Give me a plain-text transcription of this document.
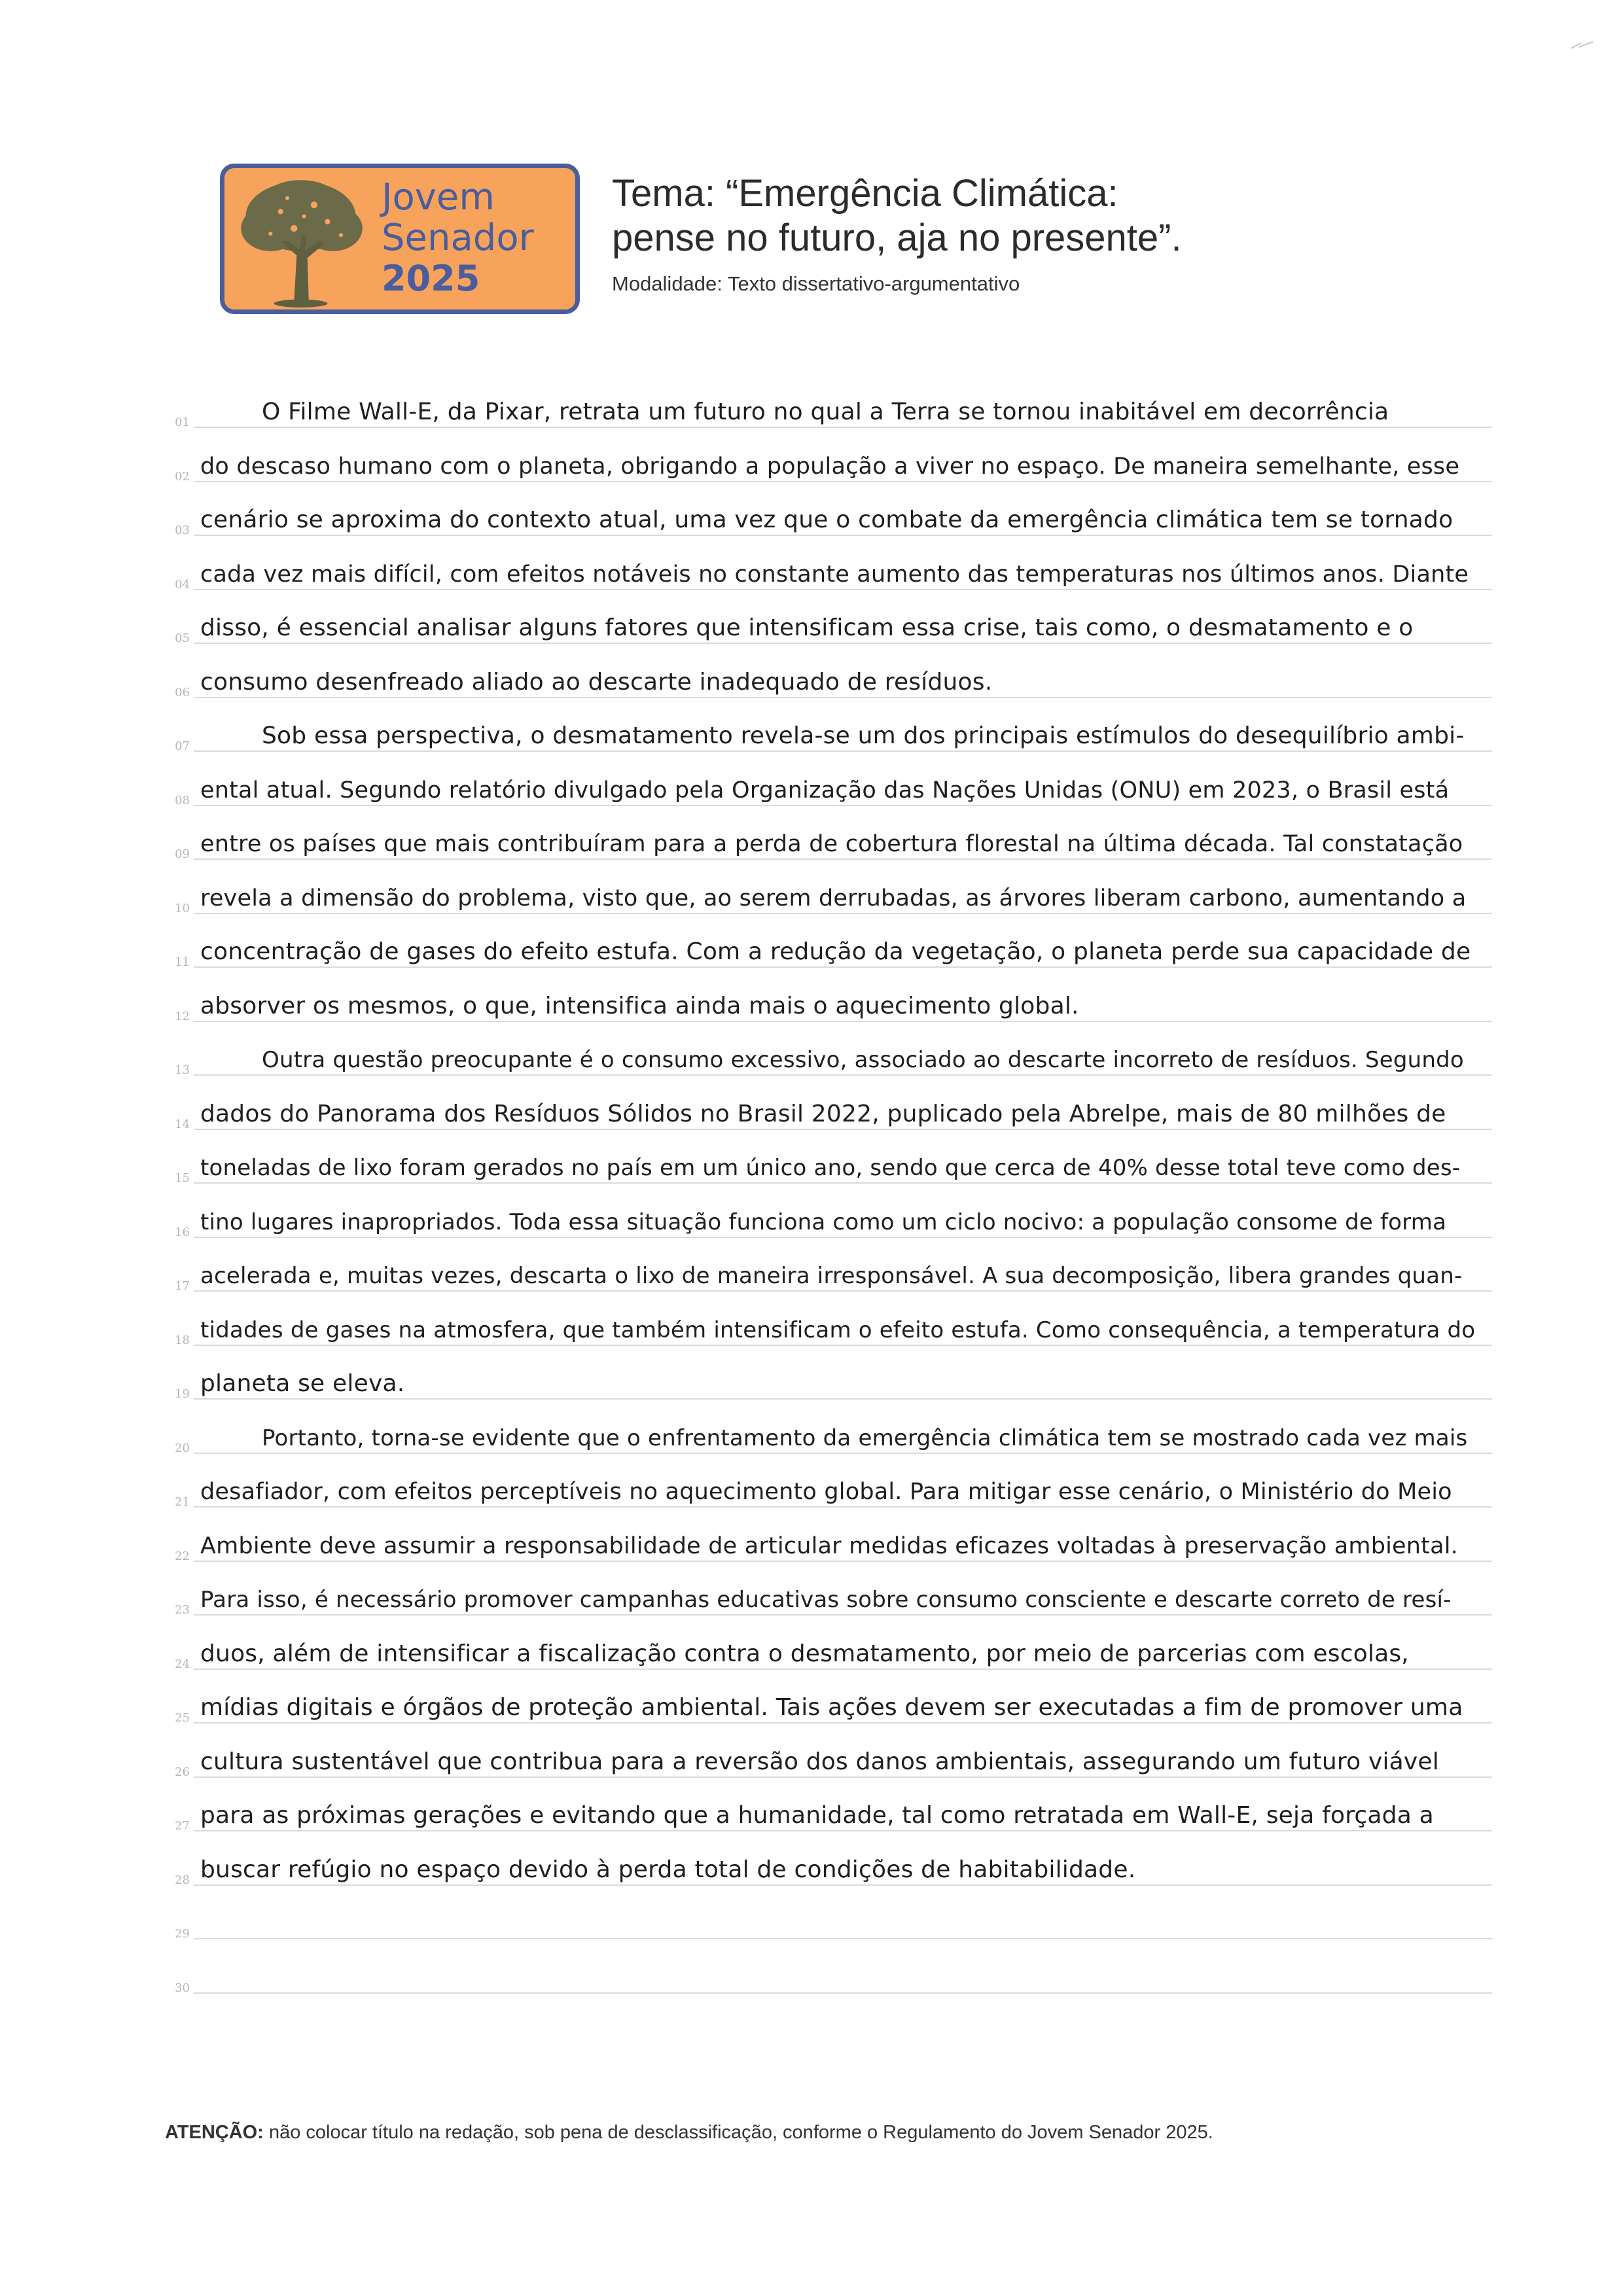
Jovem
Senador
2025
Tema: “Emergência Climática:
pense no futuro, aja no presente”.
Modalidade: Texto dissertativo-argumentativo
01	O Filme Wall-E, da Pixar, retrata um futuro no qual a Terra se tornou inabitável em decorrência
02 do descaso humano com o planeta, obrigando a população a viver no espaço. De maneira semelhante, esse
03 cenário se aproxima do contexto atual, uma vez que o combate da emergência climática tem se tornado
04 cada vez mais difícil, com efeitos notáveis no constante aumento das temperaturas nos últimos anos. Diante
05 disso, é essencial analisar alguns fatores que intensificam essa crise, tais como, o desmatamento e o
06 consumo desenfreado aliado ao descarte inadequado de resíduos.
07	Sob essa perspectiva, o desmatamento revela-se um dos principais estímulos do desequilíbrio ambi-
08 ental atual. Segundo relatório divulgado pela Organização das Nações Unidas (ONU) em 2023, o Brasil está
09 entre os países que mais contribuíram para a perda de cobertura florestal na última década. Tal constatação
10 revela a dimensão do problema, visto que, ao serem derrubadas, as árvores liberam carbono, aumentando a
11 concentração de gases do efeito estufa. Com a redução da vegetação, o planeta perde sua capacidade de
12 absorver os mesmos, o que, intensifica ainda mais o aquecimento global.
13	Outra questão preocupante é o consumo excessivo, associado ao descarte incorreto de resíduos. Segundo
14 dados do Panorama dos Resíduos Sólidos no Brasil 2022, puplicado pela Abrelpe, mais de 80 milhões de
15 toneladas de lixo foram gerados no país em um único ano, sendo que cerca de 40% desse total teve como des-
16 tino lugares inapropriados. Toda essa situação funciona como um ciclo nocivo: a população consome de forma
17 acelerada e, muitas vezes, descarta o lixo de maneira irresponsável. A sua decomposição, libera grandes quan-
18 tidades de gases na atmosfera, que também intensificam o efeito estufa. Como consequência, a temperatura do
19 planeta se eleva.
20	Portanto, torna-se evidente que o enfrentamento da emergência climática tem se mostrado cada vez mais
21 desafiador, com efeitos perceptíveis no aquecimento global. Para mitigar esse cenário, o Ministério do Meio
22 Ambiente deve assumir a responsabilidade de articular medidas eficazes voltadas à preservação ambiental.
23 Para isso, é necessário promover campanhas educativas sobre consumo consciente e descarte correto de resí-
24 duos, além de intensificar a fiscalização contra o desmatamento, por meio de parcerias com escolas,
25 mídias digitais e órgãos de proteção ambiental. Tais ações devem ser executadas a fim de promover uma
26 cultura sustentável que contribua para a reversão dos danos ambientais, assegurando um futuro viável
27 para as próximas gerações e evitando que a humanidade, tal como retratada em Wall-E, seja forçada a
28 buscar refúgio no espaço devido à perda total de condições de habitabilidade.
29
30
ATENÇÃO: não colocar título na redação, sob pena de desclassificação, conforme o Regulamento do Jovem Senador 2025.
